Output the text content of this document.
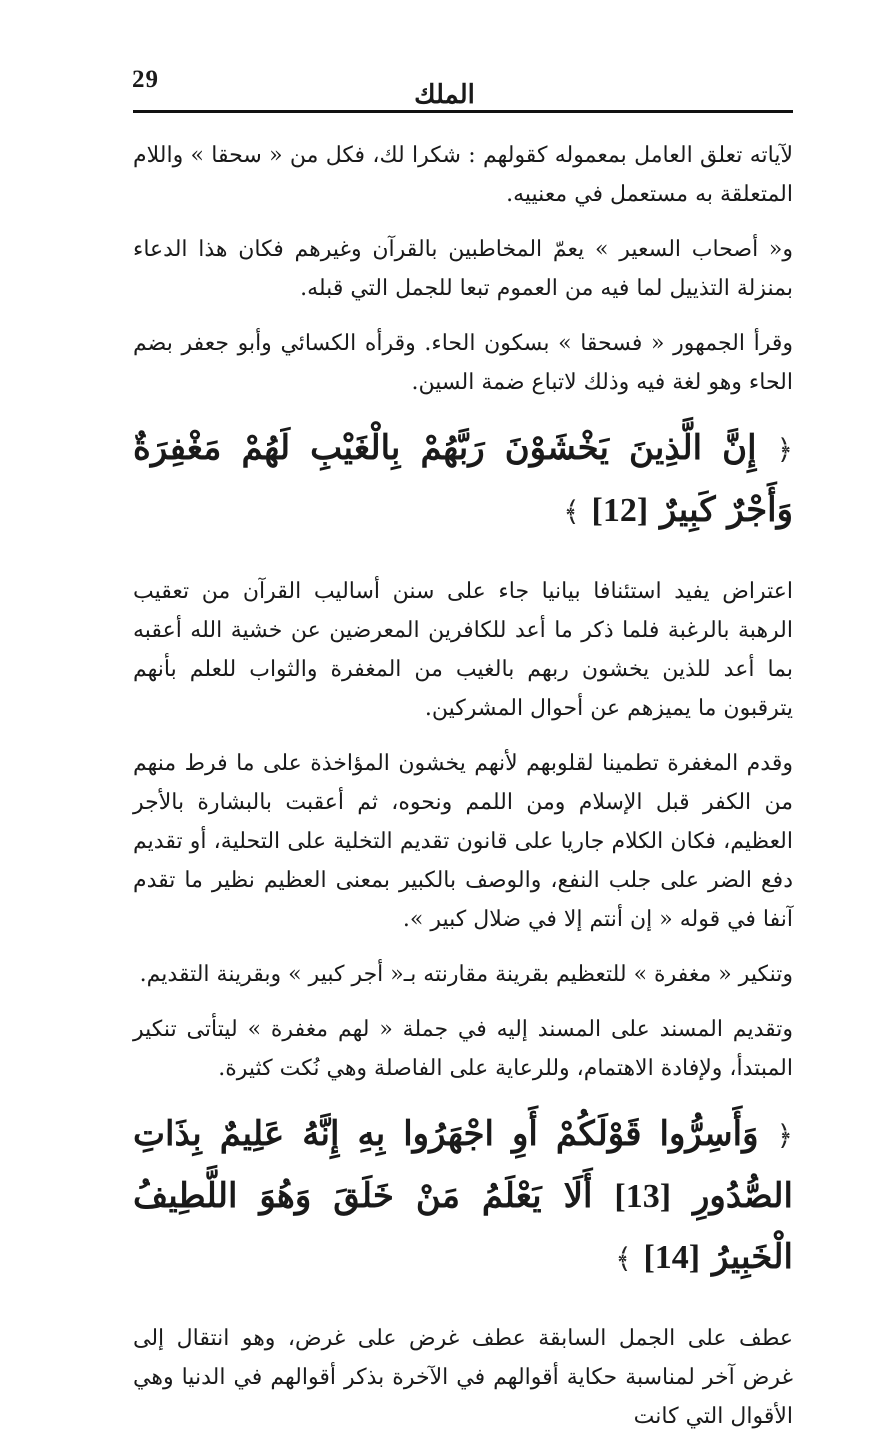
29
الملك

لآياته تعلق العامل بمعموله كقولهم : شكرا لك، فكل من « سحقا » واللام المتعلقة به مستعمل في معنييه.

و« أصحاب السعير » يعمّ المخاطبين بالقرآن وغيرهم فكان هذا الدعاء بمنزلة التذييل لما فيه من العموم تبعا للجمل التي قبله.

وقرأ الجمهور « فسحقا » بسكون الحاء. وقرأه الكسائي وأبو جعفر بضم الحاء وهو لغة فيه وذلك لاتباع ضمة السين.

﴿ إِنَّ الَّذِينَ يَخْشَوْنَ رَبَّهُمْ بِالْغَيْبِ لَهُمْ مَغْفِرَةٌ وَأَجْرٌ كَبِيرٌ [12] ﴾

اعتراض يفيد استئنافا بيانيا جاء على سنن أساليب القرآن من تعقيب الرهبة بالرغبة فلما ذكر ما أعد للكافرين المعرضين عن خشية الله أعقبه بما أعد للذين يخشون ربهم بالغيب من المغفرة والثواب للعلم بأنهم يترقبون ما يميزهم عن أحوال المشركين.

وقدم المغفرة تطمينا لقلوبهم لأنهم يخشون المؤاخذة على ما فرط منهم من الكفر قبل الإسلام ومن اللمم ونحوه، ثم أعقبت بالبشارة بالأجر العظيم، فكان الكلام جاريا على قانون تقديم التخلية على التحلية، أو تقديم دفع الضر على جلب النفع، والوصف بالكبير بمعنى العظيم نظير ما تقدم آنفا في قوله « إن أنتم إلا في ضلال كبير ».

وتنكير « مغفرة » للتعظيم بقرينة مقارنته بـ« أجر كبير » وبقرينة التقديم.

وتقديم المسند على المسند إليه في جملة « لهم مغفرة » ليتأتى تنكير المبتدأ، ولإفادة الاهتمام، وللرعاية على الفاصلة وهي نُكت كثيرة.

﴿ وَأَسِرُّوا قَوْلَكُمْ أَوِ اجْهَرُوا بِهِ إِنَّهُ عَلِيمٌ بِذَاتِ الصُّدُورِ [13] أَلَا يَعْلَمُ مَنْ خَلَقَ وَهُوَ اللَّطِيفُ الْخَبِيرُ [14] ﴾

عطف على الجمل السابقة عطف غرض على غرض، وهو انتقال إلى غرض آخر لمناسبة حكاية أقوالهم في الآخرة بذكر أقوالهم في الدنيا وهي الأقوال التي كانت
